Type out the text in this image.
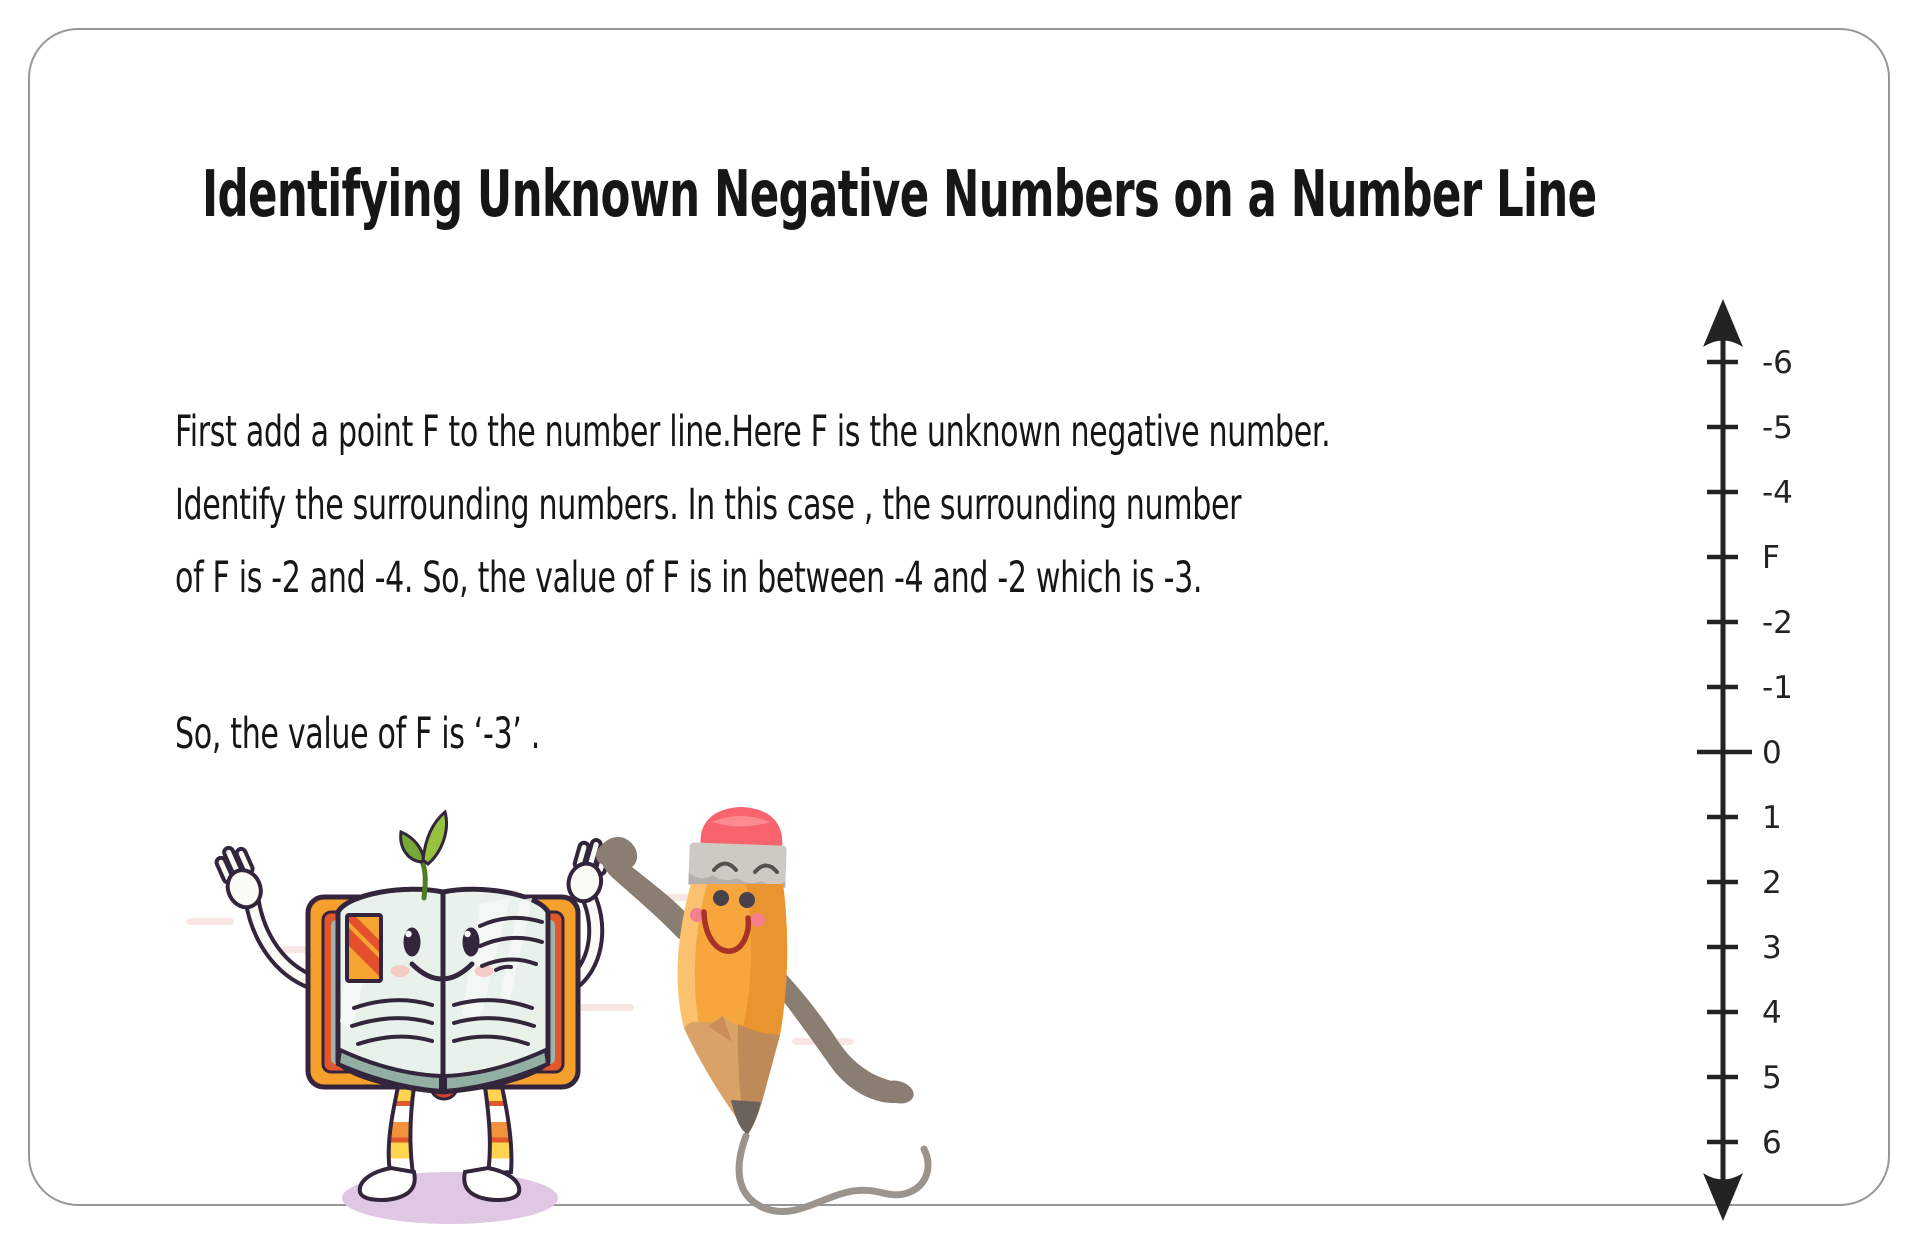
Identifying Unknown Negative Numbers on a Number Line
First add a point F to the number line.Here F is the unknown negative number.
Identify the surrounding numbers. In this case , the surrounding number
of F is -2 and -4. So, the value of F is in between -4 and -2 which is -3.
So, the value of F is ‘-3’ .
-6
-5
-4
F
-2
-1
0
1
2
3
4
5
6
